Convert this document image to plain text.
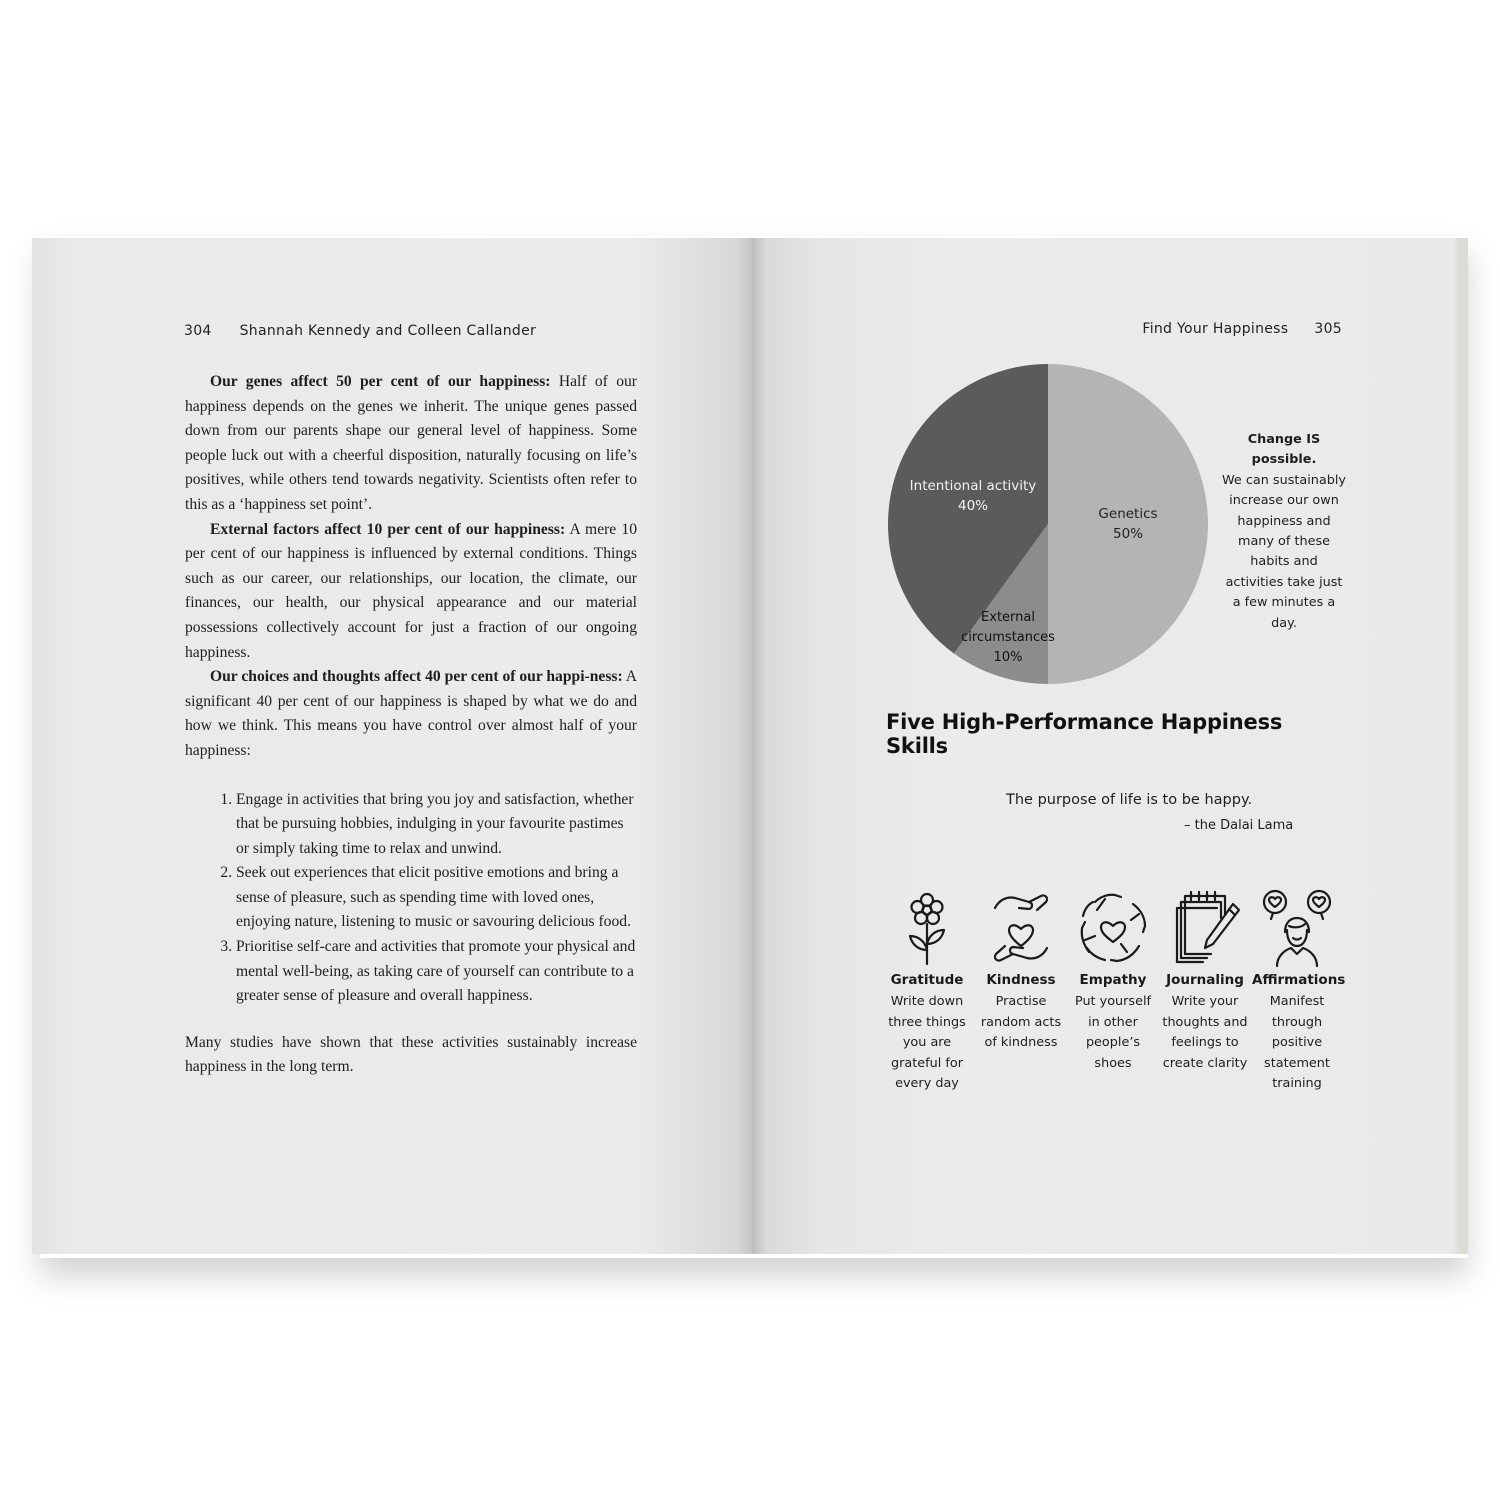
304 Shannah Kennedy and Colleen Callander

Our genes affect 50 per cent of our happiness: Half of our happiness depends on the genes we inherit. The unique genes passed down from our parents shape our general level of happiness. Some people luck out with a cheerful disposition, naturally focusing on life’s positives, while others tend towards negativity. Scientists often refer to this as a ‘happiness set point’.

External factors affect 10 per cent of our happiness: A mere 10 per cent of our happiness is influenced by external conditions. Things such as our career, our relationships, our location, the climate, our finances, our health, our physical appearance and our material possessions collectively account for just a fraction of our ongoing happiness.

Our choices and thoughts affect 40 per cent of our happi-ness: A significant 40 per cent of our happiness is shaped by what we do and how we think. This means you have control over almost half of your happiness:

1. Engage in activities that bring you joy and satisfaction, whether that be pursuing hobbies, indulging in your favourite pastimes or simply taking time to relax and unwind.
2. Seek out experiences that elicit positive emotions and bring a sense of pleasure, such as spending time with loved ones, enjoying nature, listening to music or savouring delicious food.
3. Prioritise self-care and activities that promote your physical and mental well-being, as taking care of yourself can contribute to a greater sense of pleasure and overall happiness.

Many studies have shown that these activities sustainably increase happiness in the long term.

Find Your Happiness 305
Intentional activity
40%	Genetics
50%
External circumstances
10%
Change IS possible.
We can sustainably increase our own happiness and many of these habits and activities take just a few minutes a day.
Five High-Performance Happiness Skills
The purpose of life is to be happy.
– the Dalai Lama
Gratitude
Write down three things you are grateful for every day
Kindness
Practise random acts of kindness
Empathy
Put yourself in other people’s shoes
Journaling
Write your thoughts and feelings to create clarity
Affirmations
Manifest through positive statement training
